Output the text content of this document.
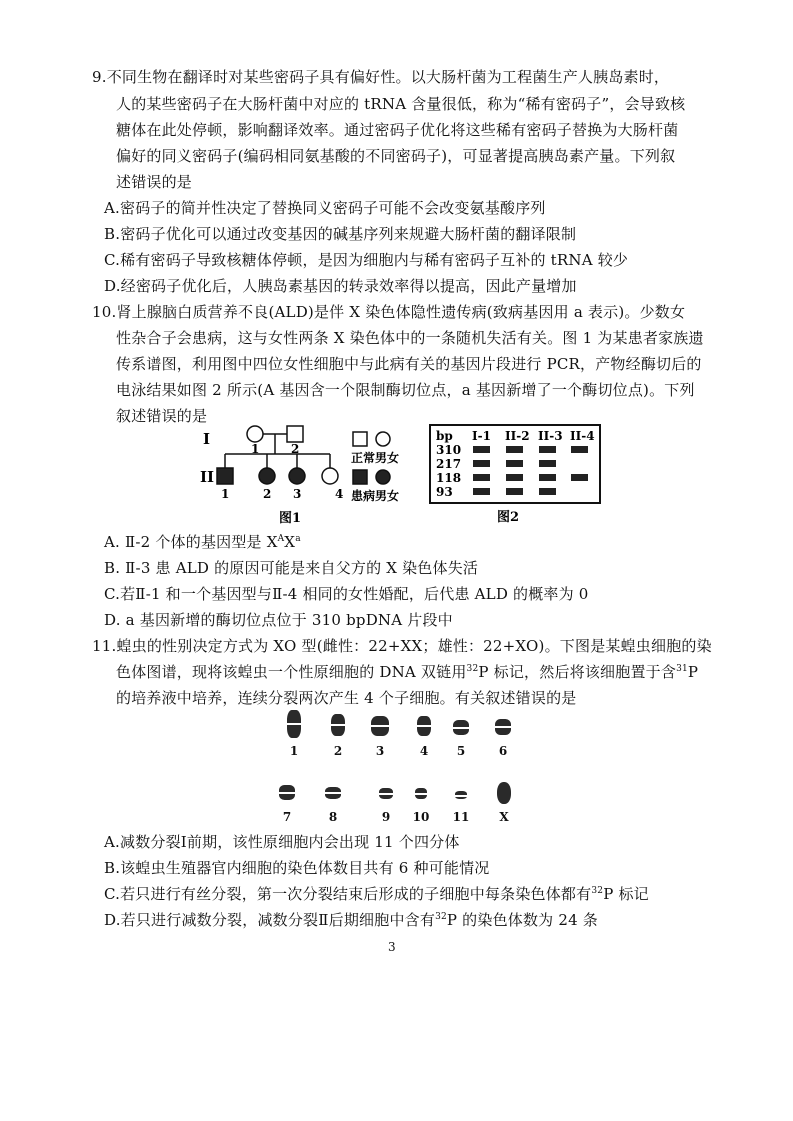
9.不同生物在翻译时对某些密码子具有偏好性。以大肠杆菌为工程菌生产人胰岛素时，
人的某些密码子在大肠杆菌中对应的 tRNA 含量很低，称为“稀有密码子”，会导致核
糖体在此处停顿，影响翻译效率。通过密码子优化将这些稀有密码子替换为大肠杆菌
偏好的同义密码子(编码相同氨基酸的不同密码子)，可显著提高胰岛素产量。下列叙
述错误的是
A.密码子的简并性决定了替换同义密码子可能不会改变氨基酸序列
B.密码子优化可以通过改变基因的碱基序列来规避大肠杆菌的翻译限制
C.稀有密码子导致核糖体停顿，是因为细胞内与稀有密码子互补的 tRNA 较少
D.经密码子优化后，人胰岛素基因的转录效率得以提高，因此产量增加
10.肾上腺脑白质营养不良(ALD)是伴 X 染色体隐性遗传病(致病基因用 a 表示)。少数女
性杂合子会患病，这与女性两条 X 染色体中的一条随机失活有关。图 1 为某患者家族遗
传系谱图，利用图中四位女性细胞中与此病有关的基因片段进行 PCR，产物经酶切后的
电泳结果如图 2 所示(A 基因含一个限制酶切位点，a 基因新增了一个酶切位点)。下列
叙述错误的是
I
II
1	2
1	2 3	4
正常男女
患病男女
图1
bp I-1 II-2 II-3 II-4
310
217
118
93
图2
A. Ⅱ-2 个体的基因型是 $X^AX^a$
B. Ⅱ-3 患 ALD 的原因可能是来自父方的 X 染色体失活
C.若Ⅱ-1 和一个基因型与Ⅱ-4 相同的女性婚配，后代患 ALD 的概率为 0
D. a 基因新增的酶切位点位于 310 bpDNA 片段中
11.蝗虫的性别决定方式为 XO 型(雌性：22+XX；雄性：22+XO)。下图是某蝗虫细胞的染
色体图谱，现将该蝗虫一个性原细胞的 DNA 双链用$^{32}$P 标记，然后将该细胞置于含$^{31}$P
的培养液中培养，连续分裂两次产生 4 个子细胞。有关叙述错误的是
1	2	3	4	5	6
7	8	9	10	11	X
A.减数分裂Ⅰ前期，该性原细胞内会出现 11 个四分体
B.该蝗虫生殖器官内细胞的染色体数目共有 6 种可能情况
C.若只进行有丝分裂，第一次分裂结束后形成的子细胞中每条染色体都有$^{32}$P 标记
D.若只进行减数分裂，减数分裂Ⅱ后期细胞中含有$^{32}$P 的染色体数为 24 条
3
